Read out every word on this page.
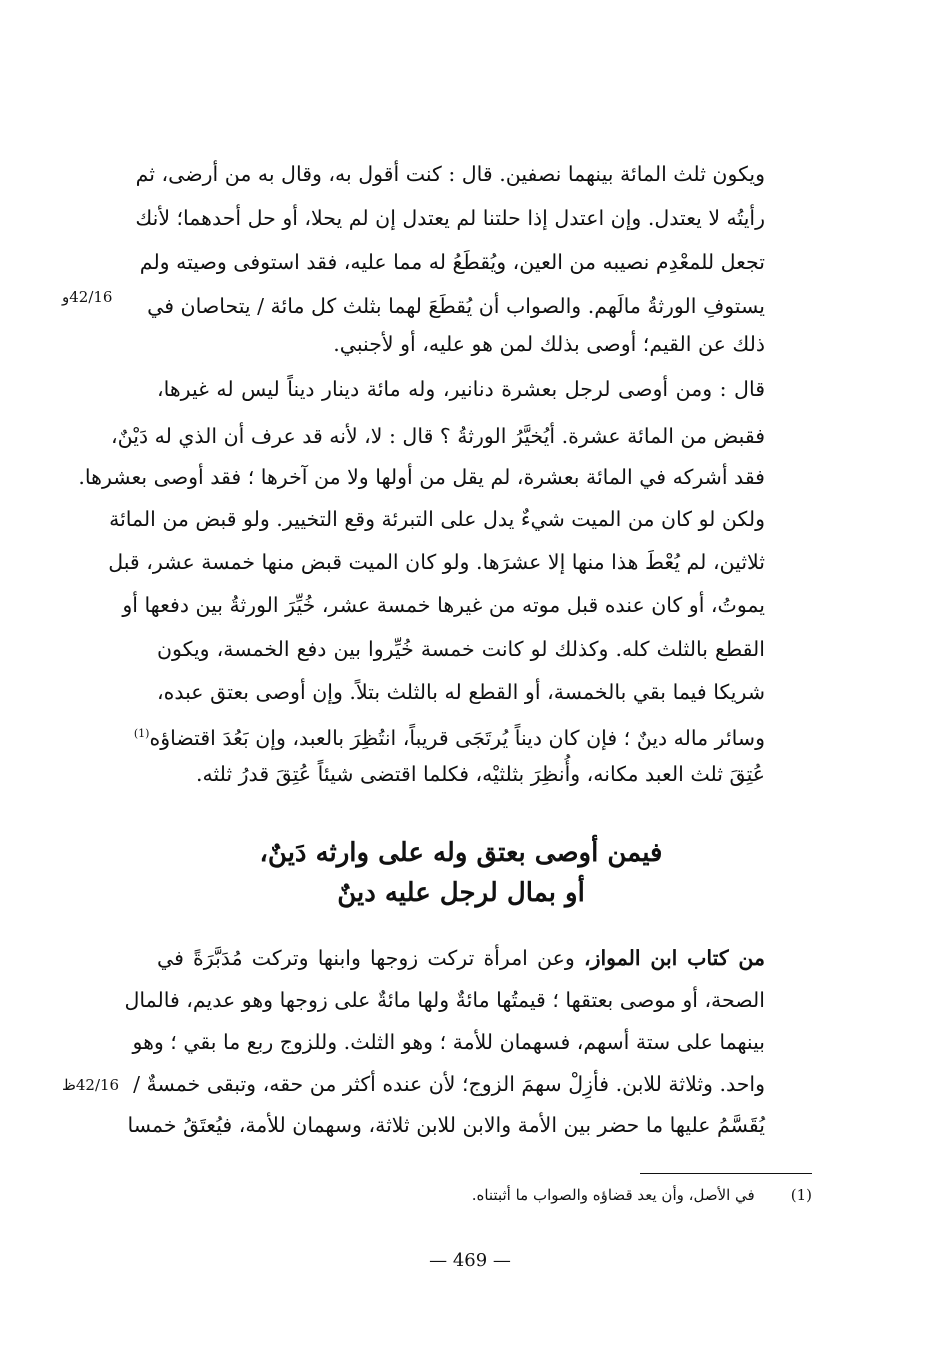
ويكون ثلث المائة بينهما نصفين. قال : كنت أقول به، وقال به من أرضى، ثم
رأيتُه لا يعتدل. وإن اعتدل إذا حلتنا لم يعتدل إن لم يحلا، أو حل أحدهما؛ لأنك
تجعل للمعْدِم نصيبه من العين، ويُقطَعُ له مما عليه، فقد استوفى وصيته ولم
يستوفِ الورثةُ مالَهم. والصواب أن يُقطَعَ لهما بثلث كل مائة / يتحاصان في
ذلك عن القيم؛ أوصى بذلك لمن هو عليه، أو لأجنبي.
42/16و
قال : ومن أوصى لرجل بعشرة دنانير، وله مائة دينار ديناً ليس له غيرها،
فقبض من المائة عشرة. أيُخيَّرُ الورثةُ ؟ قال : لا، لأنه قد عرف أن الذي له دَيْنٌ،
فقد أشركه في المائة بعشرة، لم يقل من أولها ولا من آخرها ؛ فقد أوصى بعشرها.
ولكن لو كان من الميت شيءٌ يدل على التبرئة وقع التخيير. ولو قبض من المائة
ثلاثين، لم يُعْطَ هذا منها إلا عشرَها. ولو كان الميت قبض منها خمسة عشر، قبل
يموتُ، أو كان عنده قبل موته من غيرها خمسة عشر، خُيِّرَ الورثةُ بين دفعها أو
القطع بالثلث كله. وكذلك لو كانت خمسة خُيِّروا بين دفع الخمسة، ويكون
شريكا فيما بقي بالخمسة، أو القطع له بالثلث بتلاً. وإن أوصى بعتق عبده،
وسائر ماله دينٌ ؛ فإن كان ديناً يُرتَجَى قريباً، انتُظِرَ بالعبد، وإن بَعُدَ اقتضاؤه$^{(1)}$
عُتِقَ ثلث العبد مكانه، وأُنظِرَ بثلثيْه، فكلما اقتضى شيئاً عُتِقَ قدرُ ثلثه.
فيمن أوصى بعتق وله على وارثه دَينٌ،
أو بمال لرجل عليه دينٌ
من كتاب ابن المواز، وعن امرأة تركت زوجها وابنها وتركت مُدَبَّرَةً في
الصحة، أو موصى بعتقها ؛ قيمتُها مائةٌ ولها مائةٌ على زوجها وهو عديم، فالمال
بينهما على ستة أسهم، فسهمان للأمة ؛ وهو الثلث. وللزوج ربع ما بقي ؛ وهو
واحد. وثلاثة للابن. فأزِلْ سهمَ الزوج؛ لأن عنده أكثر من حقه، وتبقى خمسةٌ /
يُقَسَّمُ عليها ما حضر بين الأمة والابن للابن ثلاثة، وسهمان للأمة، فيُعتَقُ خمسا
42/16ظ
(1)في الأصل، وأن يعد قضاؤه والصواب ما أثبتناه.
— 469 —
